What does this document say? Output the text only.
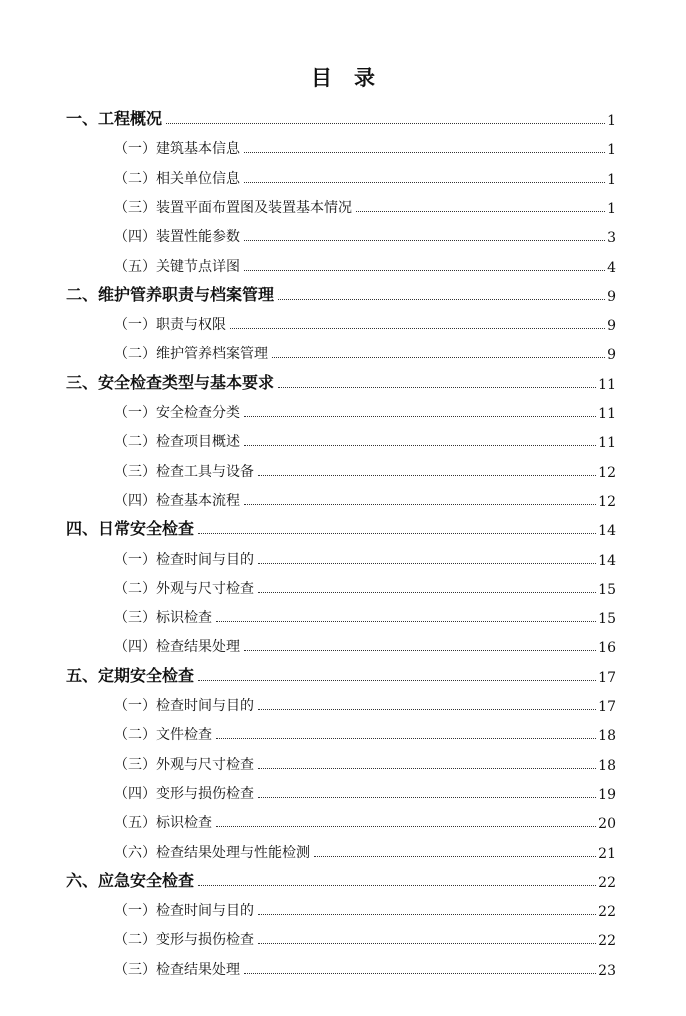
目 录
一、工程概况	1
（一）建筑基本信息	1
（二）相关单位信息	1
（三）装置平面布置图及装置基本情况	1
（四）装置性能参数	3
（五）关键节点详图	4
二、维护管养职责与档案管理	9
（一）职责与权限	9
（二）维护管养档案管理	9
三、安全检查类型与基本要求	11
（一）安全检查分类	11
（二）检查项目概述	11
（三）检查工具与设备	12
（四）检查基本流程	12
四、日常安全检查	14
（一）检查时间与目的	14
（二）外观与尺寸检查	15
（三）标识检查	15
（四）检查结果处理	16
五、定期安全检查	17
（一）检查时间与目的	17
（二）文件检查	18
（三）外观与尺寸检查	18
（四）变形与损伤检查	19
（五）标识检查	20
（六）检查结果处理与性能检测	21
六、应急安全检查	22
（一）检查时间与目的	22
（二）变形与损伤检查	22
（三）检查结果处理	23
